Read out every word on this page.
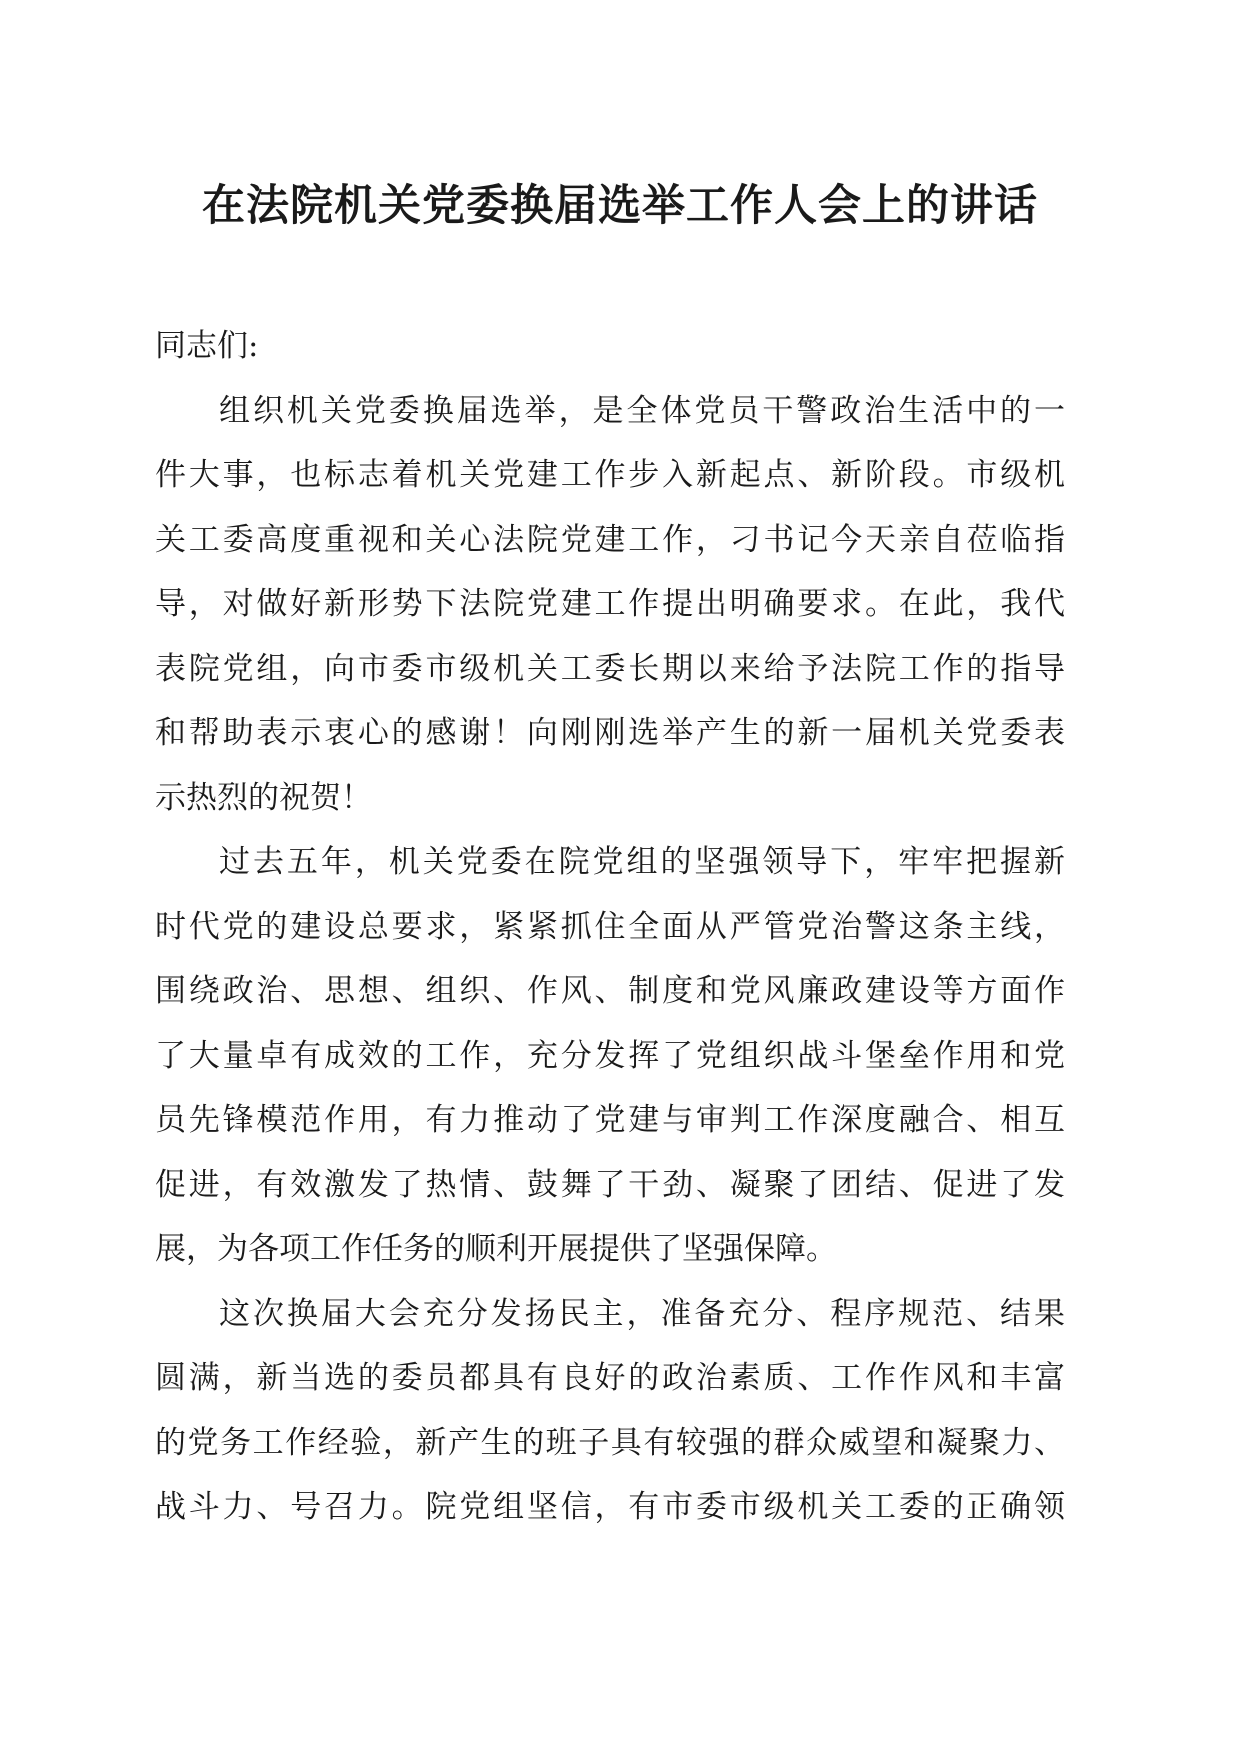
在法院机关党委换届选举工作人会上的讲话
同志们:
组织机关党委换届选举，是全体党员干警政治生活中的一
件大事，也标志着机关党建工作步入新起点、新阶段。市级机
关工委高度重视和关心法院党建工作，刁书记今天亲自莅临指
导，对做好新形势下法院党建工作提出明确要求。在此，我代
表院党组，向市委市级机关工委长期以来给予法院工作的指导
和帮助表示衷心的感谢！向刚刚选举产生的新一届机关党委表
示热烈的祝贺！
过去五年，机关党委在院党组的坚强领导下，牢牢把握新
时代党的建设总要求，紧紧抓住全面从严管党治警这条主线，
围绕政治、思想、组织、作风、制度和党风廉政建设等方面作
了大量卓有成效的工作，充分发挥了党组织战斗堡垒作用和党
员先锋模范作用，有力推动了党建与审判工作深度融合、相互
促进，有效激发了热情、鼓舞了干劲、凝聚了团结、促进了发
展，为各项工作任务的顺利开展提供了坚强保障。
这次换届大会充分发扬民主，准备充分、程序规范、结果
圆满，新当选的委员都具有良好的政治素质、工作作风和丰富
的党务工作经验，新产生的班子具有较强的群众威望和凝聚力、
战斗力、号召力。院党组坚信，有市委市级机关工委的正确领
